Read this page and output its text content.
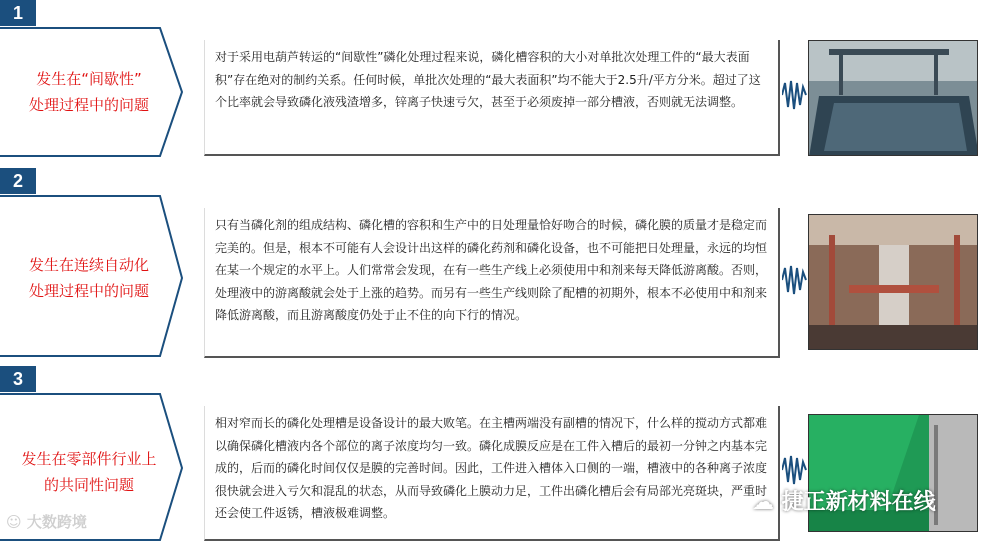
1
发生在“间歇性”
处理过程中的问题
对于采用电葫芦转运的“间歇性”磷化处理过程来说，磷化槽容积的大小对单批次处理工件的“最大表面积”存在绝对的制约关系。任何时候，单批次处理的“最大表面积”均不能大于2.5升/平方分米。超过了这个比率就会导致磷化液残渣增多，锌离子快速亏欠，甚至于必须废掉一部分槽液，否则就无法调整。
2
发生在连续自动化
处理过程中的问题
只有当磷化剂的组成结构、磷化槽的容积和生产中的日处理量恰好吻合的时候，磷化膜的质量才是稳定而完美的。但是，根本不可能有人会设计出这样的磷化药剂和磷化设备，也不可能把日处理量，永远的均恒在某一个规定的水平上。人们常常会发现，在有一些生产线上必须使用中和剂来每天降低游离酸。否则，处理液中的游离酸就会处于上涨的趋势。而另有一些生产线则除了配槽的初期外，根本不必使用中和剂来降低游离酸，而且游离酸度仍处于止不住的向下行的情况。
3
发生在零部件行业上
的共同性问题
相对窄而长的磷化处理槽是设备设计的最大败笔。在主槽两端没有副槽的情况下，什么样的搅动方式都难以确保磷化槽液内各个部位的离子浓度均匀一致。磷化成膜反应是在工件入槽后的最初一分钟之内基本完成的，后而的磷化时间仅仅是膜的完善时间。因此，工件进入槽体入口侧的一端，槽液中的各种离子浓度很快就会进入亏欠和混乱的状态，从而导致磷化上膜动力足，工件出磷化槽后会有局部光亮斑块，严重时还会使工件返锈，槽液极难调整。
☺ 大数跨境
☁ 捷正新材料在线
